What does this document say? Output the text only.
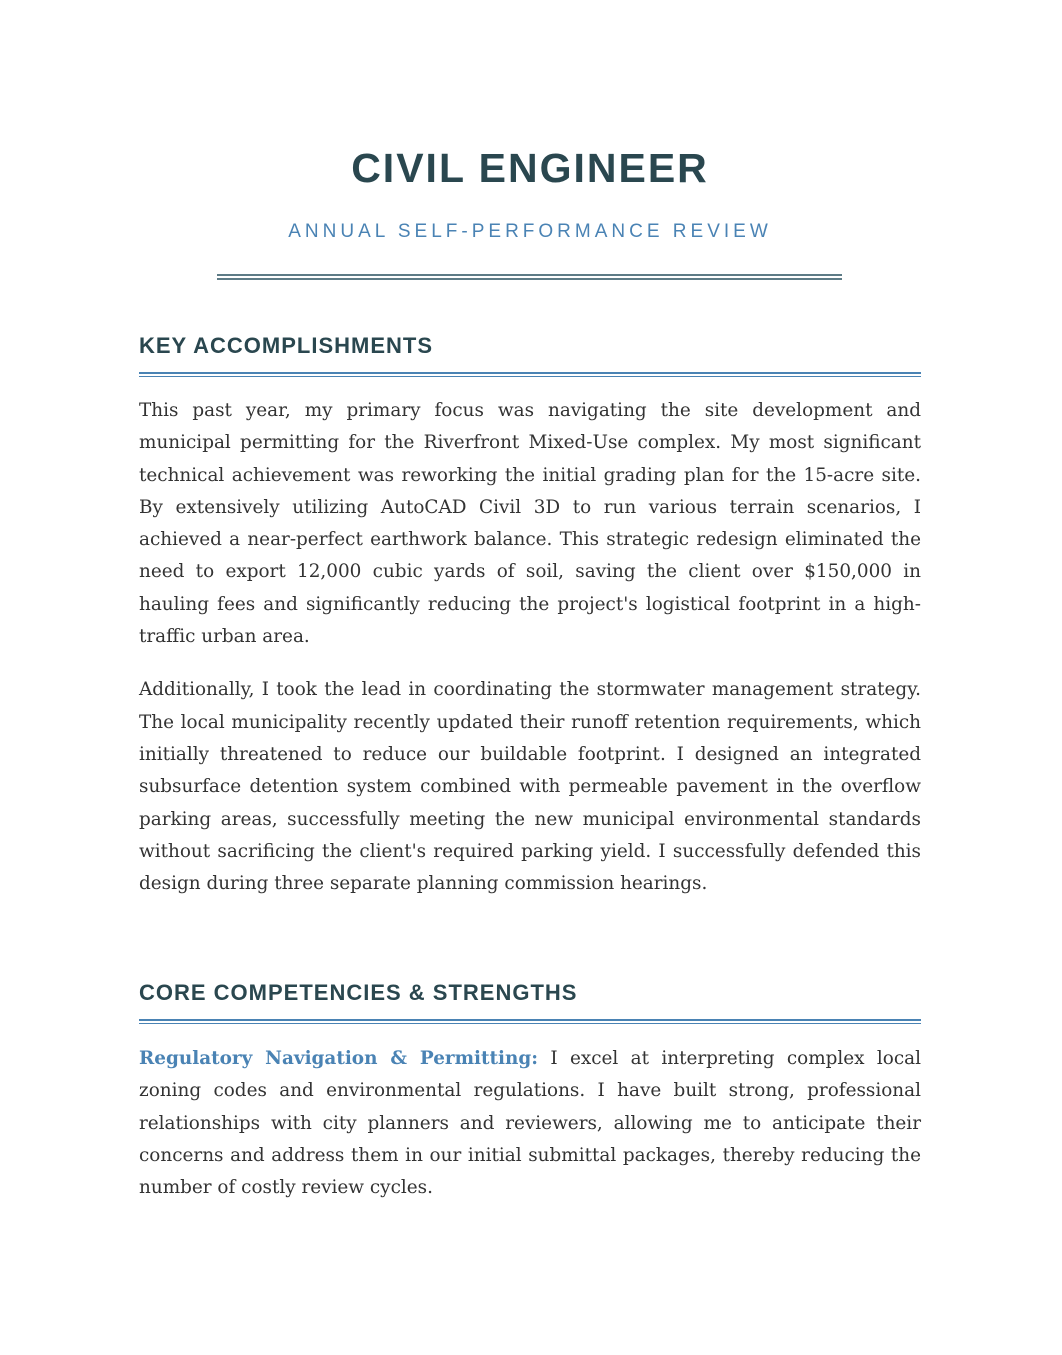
CIVIL ENGINEER
ANNUAL SELF-PERFORMANCE REVIEW
KEY ACCOMPLISHMENTS

This past year, my primary focus was navigating the site development and municipal permitting for the Riverfront Mixed-Use complex. My most significant technical achievement was reworking the initial grading plan for the 15-acre site. By extensively utilizing AutoCAD Civil 3D to run various terrain scenarios, I achieved a near-perfect earthwork balance. This strategic redesign eliminated the need to export 12,000 cubic yards of soil, saving the client over $150,000 in hauling fees and significantly reducing the project's logistical footprint in a high-traffic urban area.

Additionally, I took the lead in coordinating the stormwater management strategy. The local municipality recently updated their runoff retention requirements, which initially threatened to reduce our buildable footprint. I designed an integrated subsurface detention system combined with permeable pavement in the overflow parking areas, successfully meeting the new municipal environmental standards without sacrificing the client's required parking yield. I successfully defended this design during three separate planning commission hearings.

CORE COMPETENCIES & STRENGTHS

Regulatory Navigation & Permitting: I excel at interpreting complex local zoning codes and environmental regulations. I have built strong, professional relationships with city planners and reviewers, allowing me to anticipate their concerns and address them in our initial submittal packages, thereby reducing the number of costly review cycles.
